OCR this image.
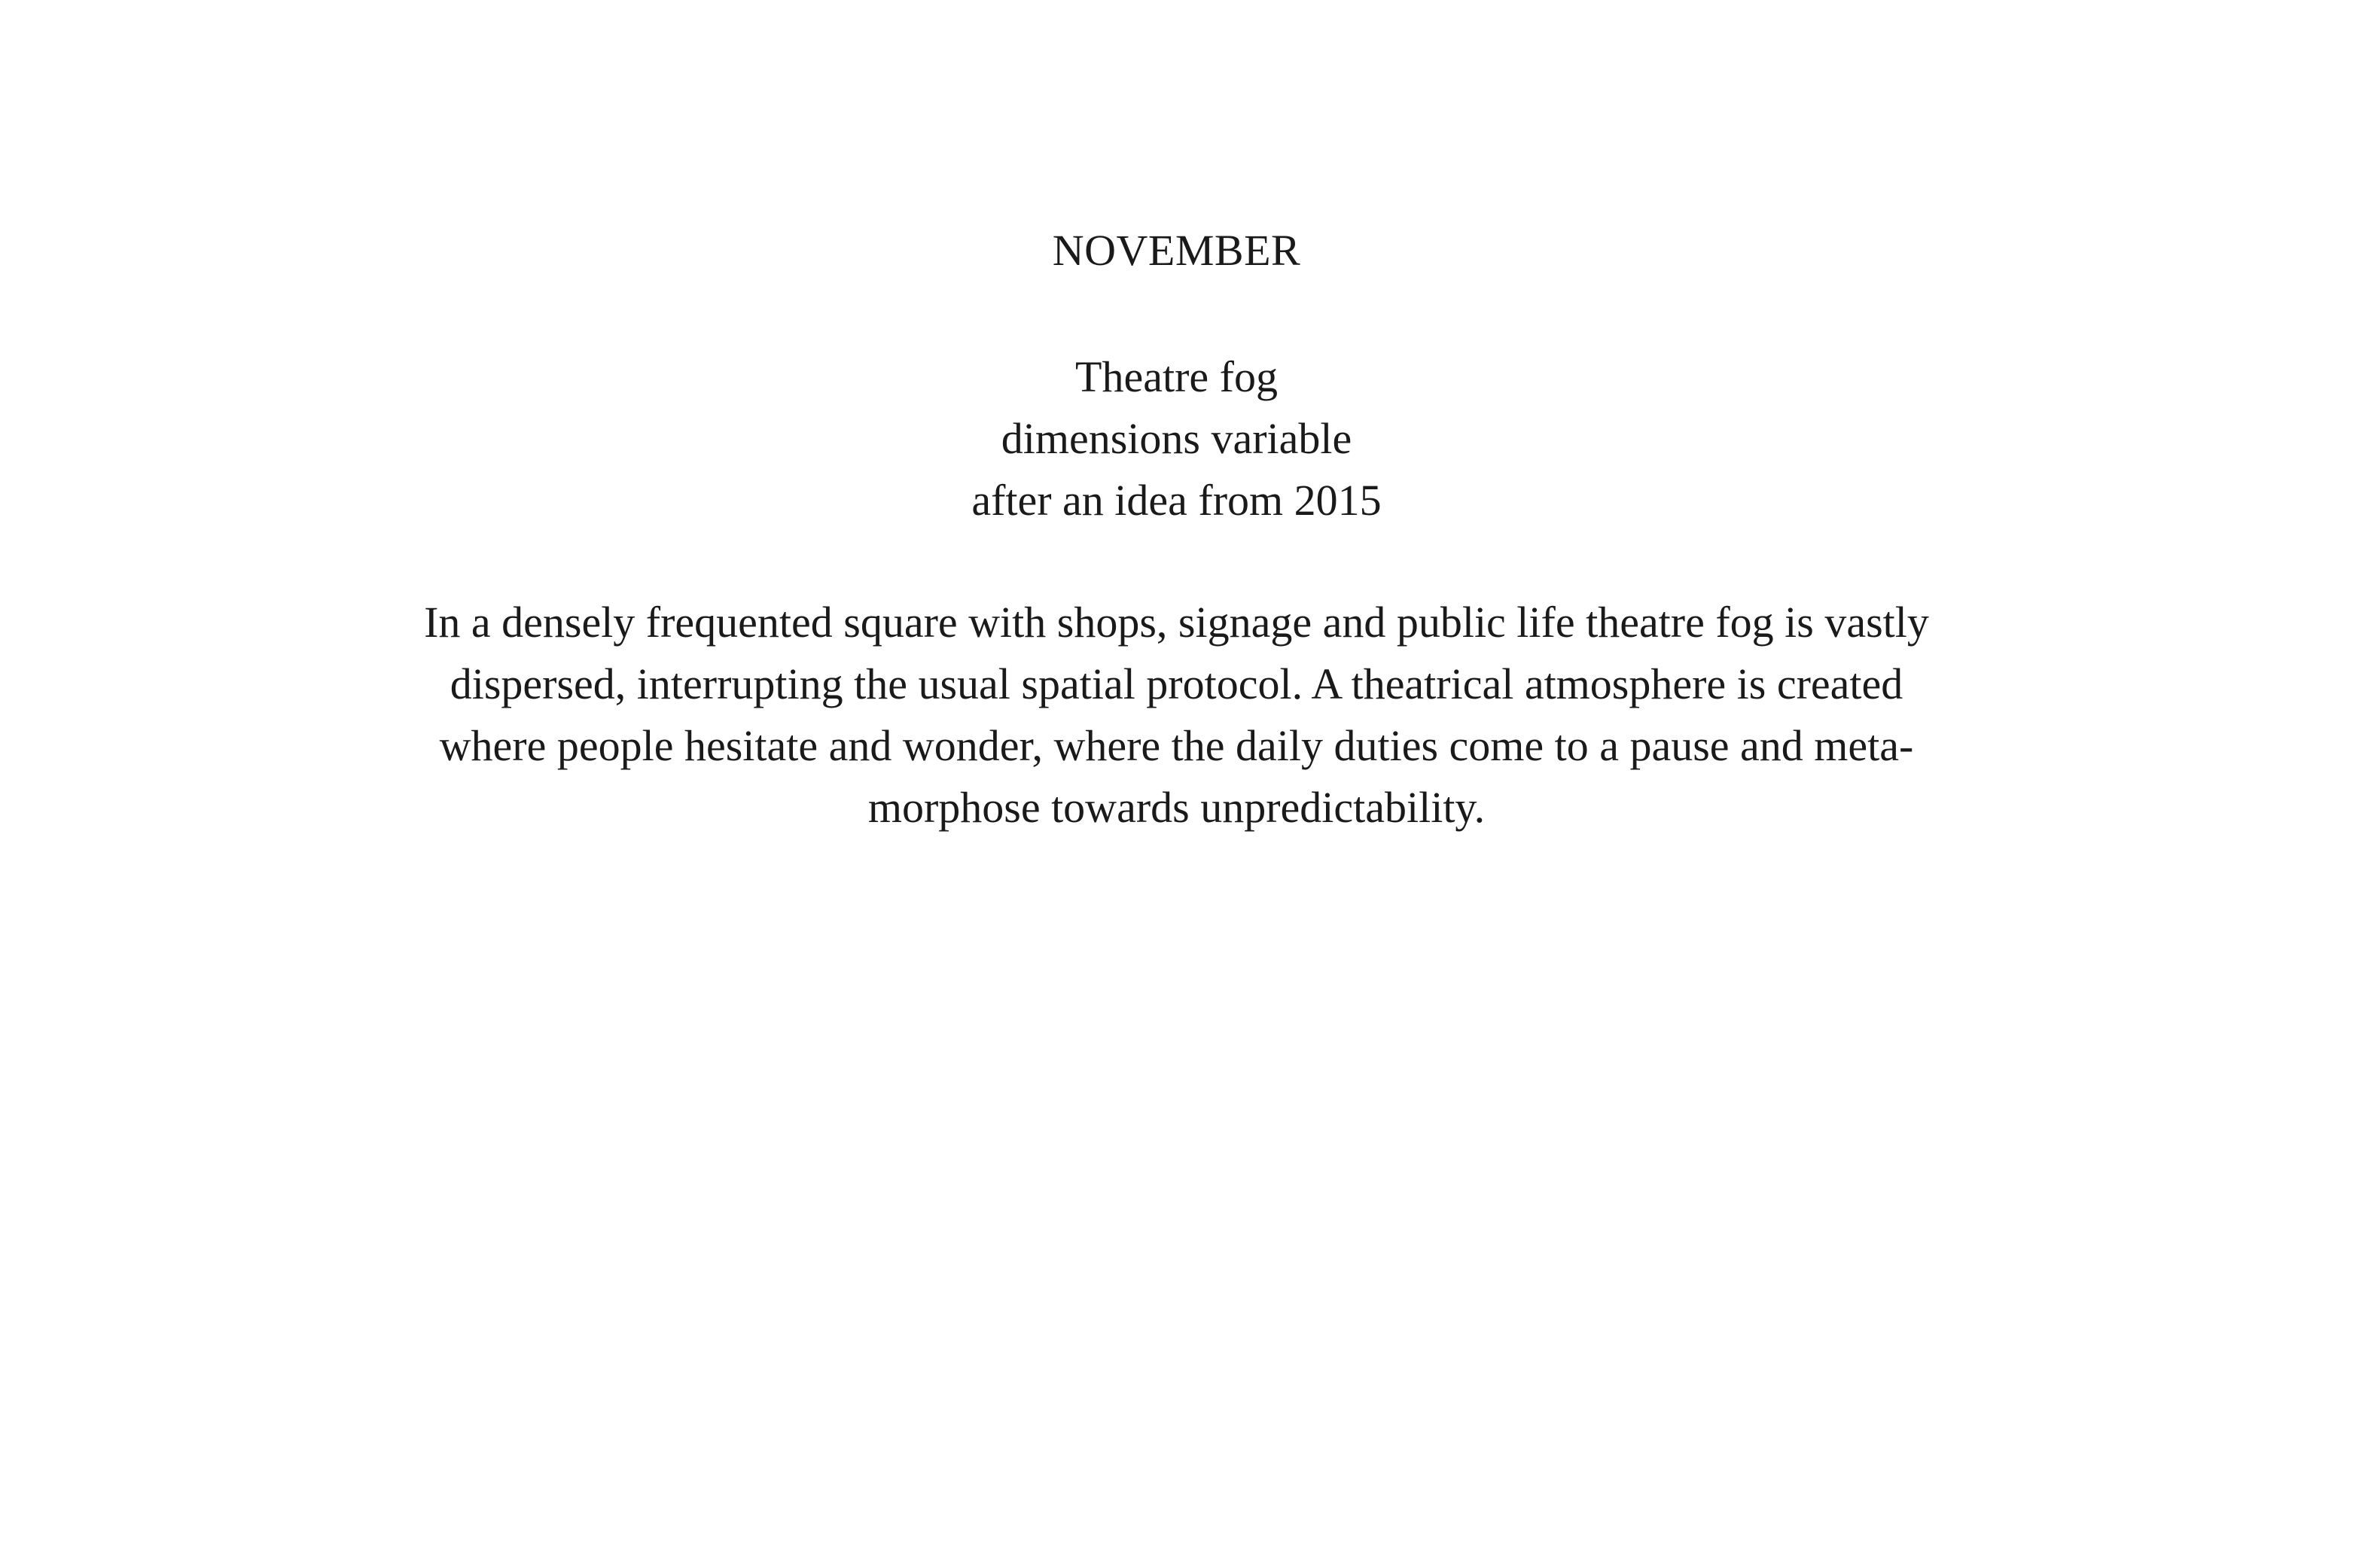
NOVEMBER
Theatre fog
dimensions variable
after an idea from 2015

In a densely frequented square with shops, signage and public life theatre fog is vastly
dispersed, interrupting the usual spatial protocol. A theatrical atmosphere is created
where people hesitate and wonder, where the daily duties come to a pause and meta-
morphose towards unpredictability.
